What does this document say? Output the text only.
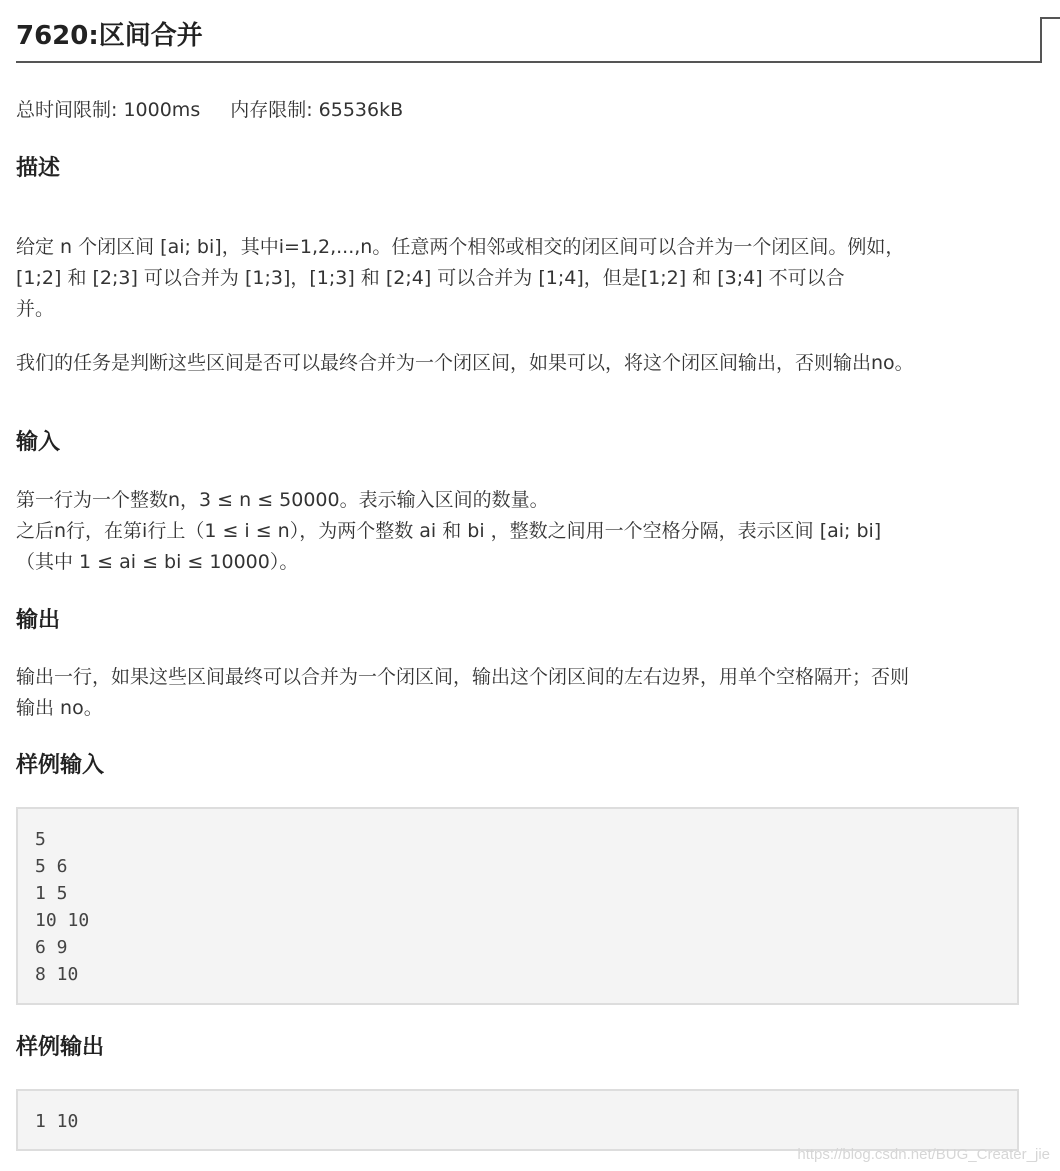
7620:区间合并
总时间限制: 1000ms 内存限制: 65536kB
描述
给定 n 个闭区间 [ai; bi]，其中i=1,2,...,n。任意两个相邻或相交的闭区间可以合并为一个闭区间。例如，
[1;2] 和 [2;3] 可以合并为 [1;3]，[1;3] 和 [2;4] 可以合并为 [1;4]，但是[1;2] 和 [3;4] 不可以合
并。
我们的任务是判断这些区间是否可以最终合并为一个闭区间，如果可以，将这个闭区间输出，否则输出no。
输入
第一行为一个整数n，3 ≤ n ≤ 50000。表示输入区间的数量。
之后n行，在第i行上（1 ≤ i ≤ n），为两个整数 ai 和 bi ，整数之间用一个空格分隔，表示区间 [ai; bi]
（其中 1 ≤ ai ≤ bi ≤ 10000）。
输出
输出一行，如果这些区间最终可以合并为一个闭区间，输出这个闭区间的左右边界，用单个空格隔开；否则
输出 no。
样例输入
5
5 6
1 5
10 10
6 9
8 10
样例输出
1 10
https://blog.csdn.net/BUG_Creater_jie
